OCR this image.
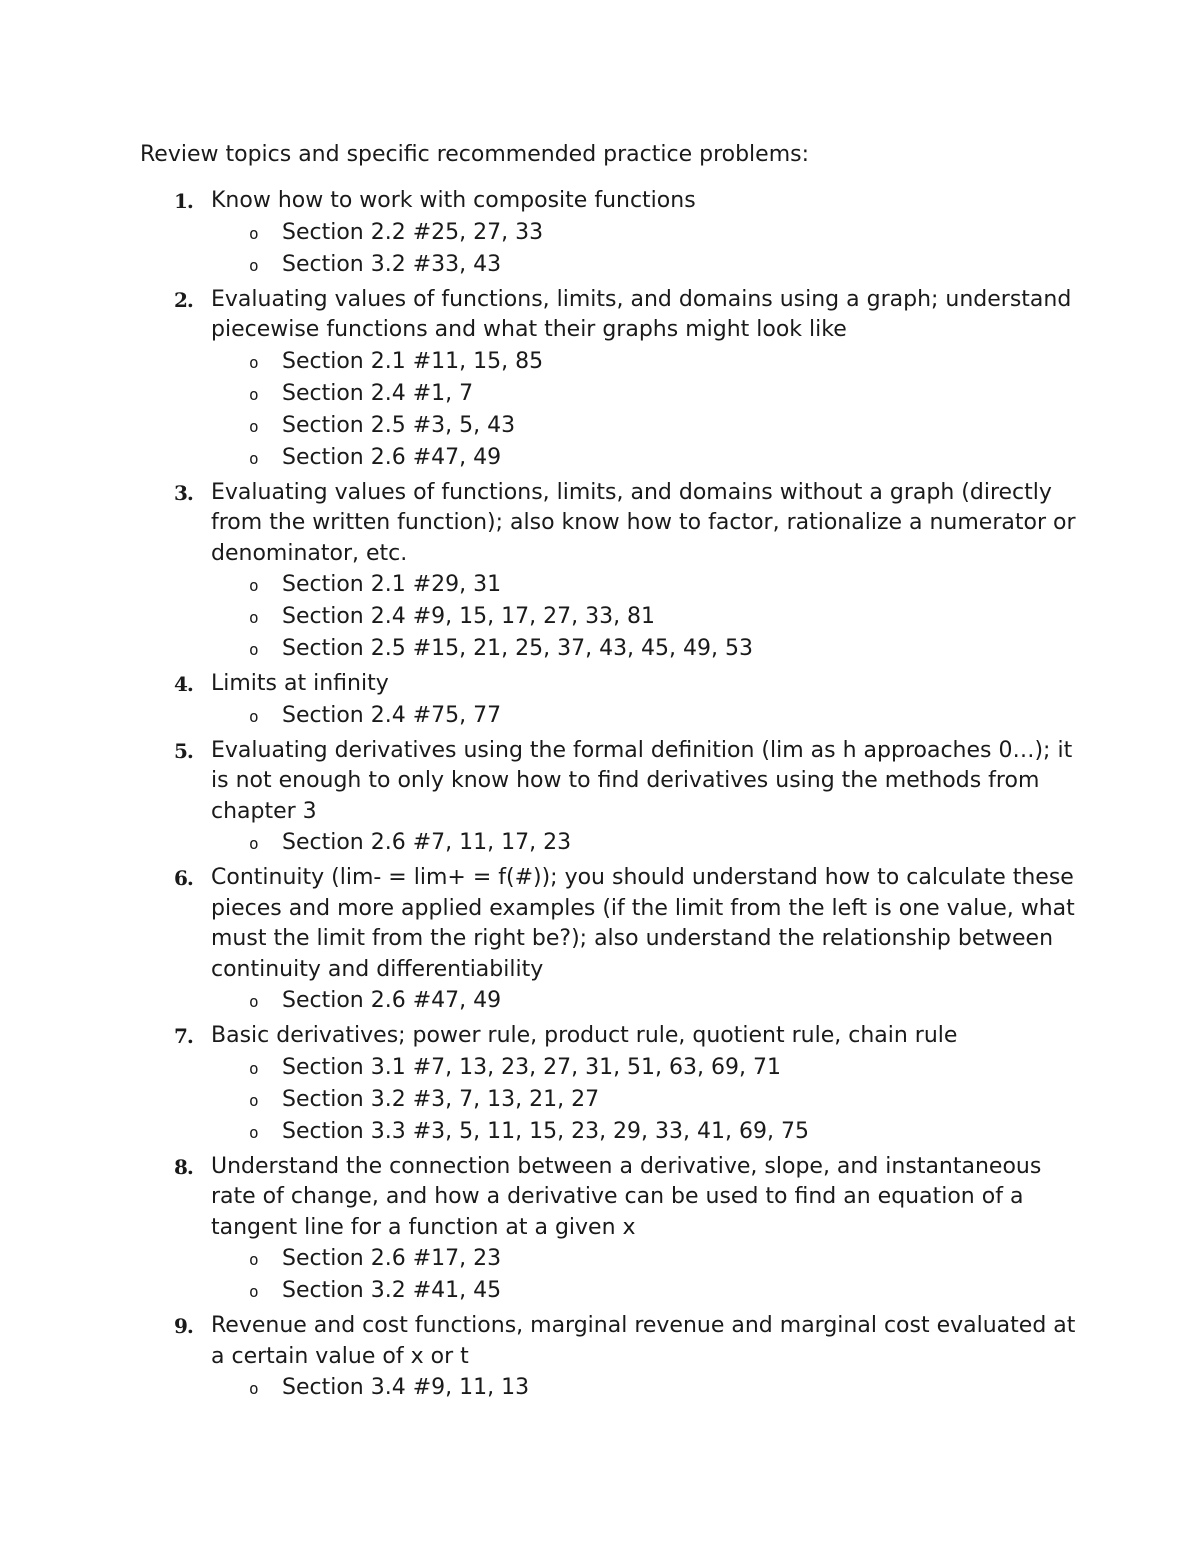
Review topics and specific recommended practice problems:

1. Know how to work with composite functions
o Section 2.2 #25, 27, 33
o Section 3.2 #33, 43
2. Evaluating values of functions, limits, and domains using a graph; understand piecewise functions and what their graphs might look like
o Section 2.1 #11, 15, 85
o Section 2.4 #1, 7
o Section 2.5 #3, 5, 43
o Section 2.6 #47, 49
3. Evaluating values of functions, limits, and domains without a graph (directly from the written function); also know how to factor, rationalize a numerator or denominator, etc.
o Section 2.1 #29, 31
o Section 2.4 #9, 15, 17, 27, 33, 81
o Section 2.5 #15, 21, 25, 37, 43, 45, 49, 53
4. Limits at infinity
o Section 2.4 #75, 77
5. Evaluating derivatives using the formal definition (lim as h approaches 0…); it is not enough to only know how to find derivatives using the methods from chapter 3
o Section 2.6 #7, 11, 17, 23
6. Continuity (lim- = lim+ = f(#)); you should understand how to calculate these pieces and more applied examples (if the limit from the left is one value, what must the limit from the right be?); also understand the relationship between continuity and differentiability
o Section 2.6 #47, 49
7. Basic derivatives; power rule, product rule, quotient rule, chain rule
o Section 3.1 #7, 13, 23, 27, 31, 51, 63, 69, 71
o Section 3.2 #3, 7, 13, 21, 27
o Section 3.3 #3, 5, 11, 15, 23, 29, 33, 41, 69, 75
8. Understand the connection between a derivative, slope, and instantaneous rate of change, and how a derivative can be used to find an equation of a tangent line for a function at a given x
o Section 2.6 #17, 23
o Section 3.2 #41, 45
9. Revenue and cost functions, marginal revenue and marginal cost evaluated at a certain value of x or t
o Section 3.4 #9, 11, 13
